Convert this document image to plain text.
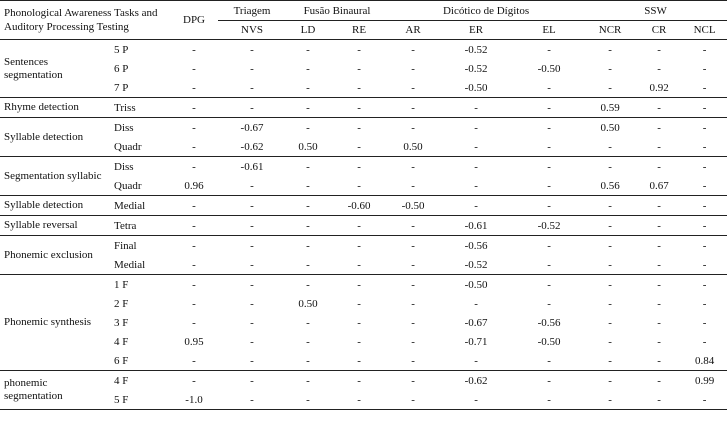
Phonological Awareness Tasks and Auditory Processing Testing		DPG	Triagem	Fusão Binaural		Dicótico de Dígitos			SSW		
			NVS	LD	RE	AR	ER	EL	NCR	CR	NCL
Sentences segmentation	5 P	-	-	-	-	-	-0.52	-	-	-	-
	6 P	-	-	-	-	-	-0.52	-0.50	-	-	-
	7 P	-	-	-	-	-	-0.50	-	-	0.92	-
Rhyme detection	Triss	-	-	-	-	-	-	-	0.59	-	-
Syllable detection	Diss	-	-0.67	-	-	-	-	-	0.50	-	-
	Quadr	-	-0.62	0.50	-	0.50	-	-	-	-	-
Segmentation syllabic	Diss	-	-0.61	-	-	-	-	-	-	-	-
	Quadr	0.96	-	-	-	-	-	-	0.56	0.67	-
Syllable detection	Medial	-	-	-	-0.60	-0.50	-	-	-	-	-
Syllable reversal	Tetra	-	-	-	-	-	-0.61	-0.52	-	-	-
Phonemic exclusion	Final	-	-	-	-	-	-0.56	-	-	-	-
	Medial	-	-	-	-	-	-0.52	-	-	-	-
Phonemic synthesis	1 F	-	-	-	-	-	-0.50	-	-	-	-
	2 F	-	-	0.50	-	-	-	-	-	-	-
	3 F	-	-	-	-	-	-0.67	-0.56	-	-	-
	4 F	0.95	-	-	-	-	-0.71	-0.50	-	-	-
	6 F	-	-	-	-	-	-	-	-	-	0.84
phonemic segmentation	4 F	-	-	-	-	-	-0.62	-	-	-	0.99
	5 F	-1.0	-	-	-	-	-	-	-	-	-
